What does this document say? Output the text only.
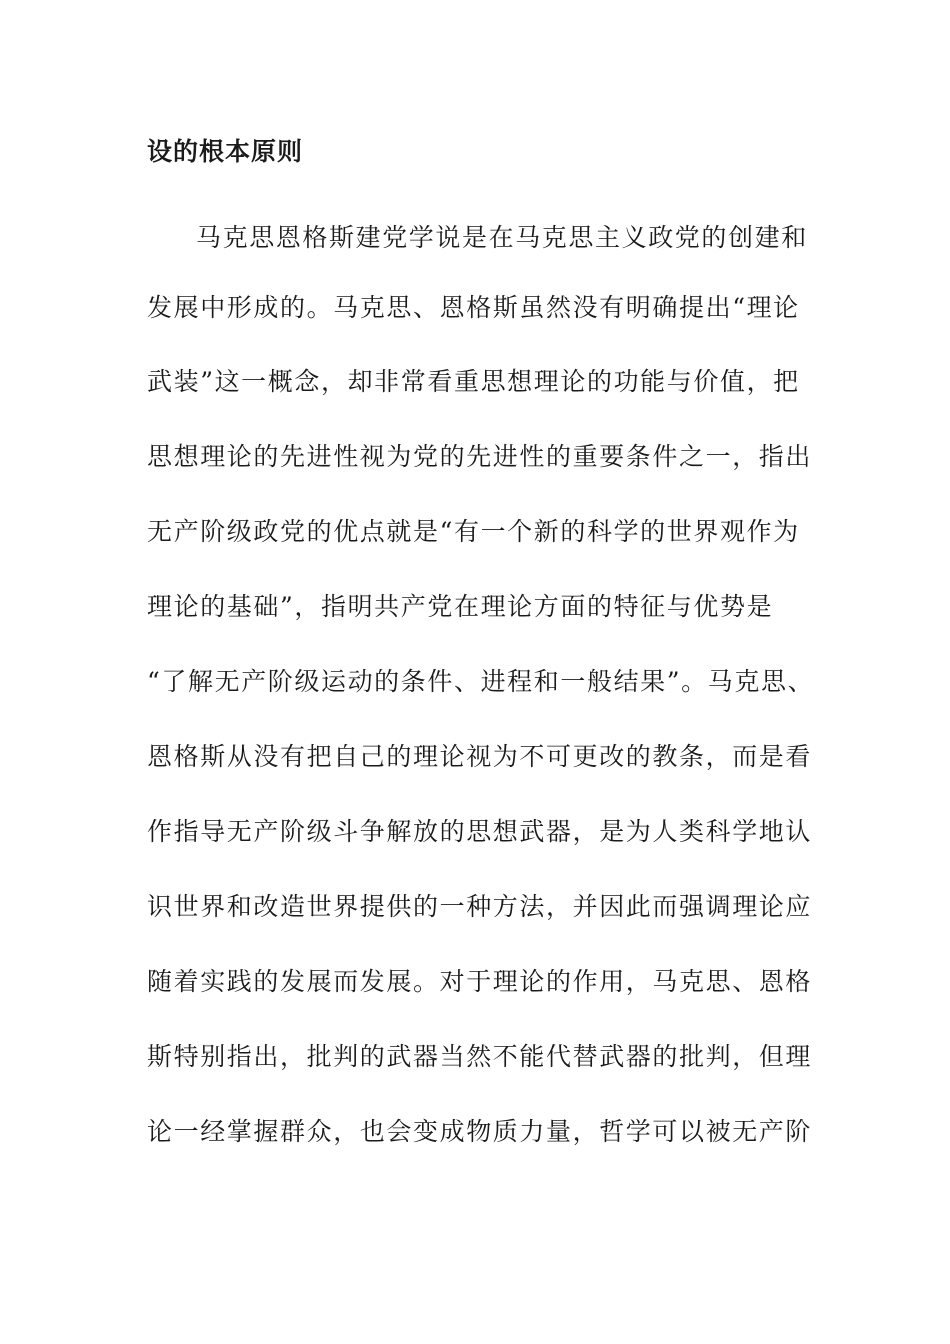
设的根本原则
马克思恩格斯建党学说是在马克思主义政党的创建和
发展中形成的。马克思、恩格斯虽然没有明确提出“理论
武装”这一概念，却非常看重思想理论的功能与价值，把
思想理论的先进性视为党的先进性的重要条件之一，指出
无产阶级政党的优点就是“有一个新的科学的世界观作为
理论的基础”，指明共产党在理论方面的特征与优势是
“了解无产阶级运动的条件、进程和一般结果”。马克思、
恩格斯从没有把自己的理论视为不可更改的教条，而是看
作指导无产阶级斗争解放的思想武器，是为人类科学地认
识世界和改造世界提供的一种方法，并因此而强调理论应
随着实践的发展而发展。对于理论的作用，马克思、恩格
斯特别指出，批判的武器当然不能代替武器的批判，但理
论一经掌握群众，也会变成物质力量，哲学可以被无产阶
